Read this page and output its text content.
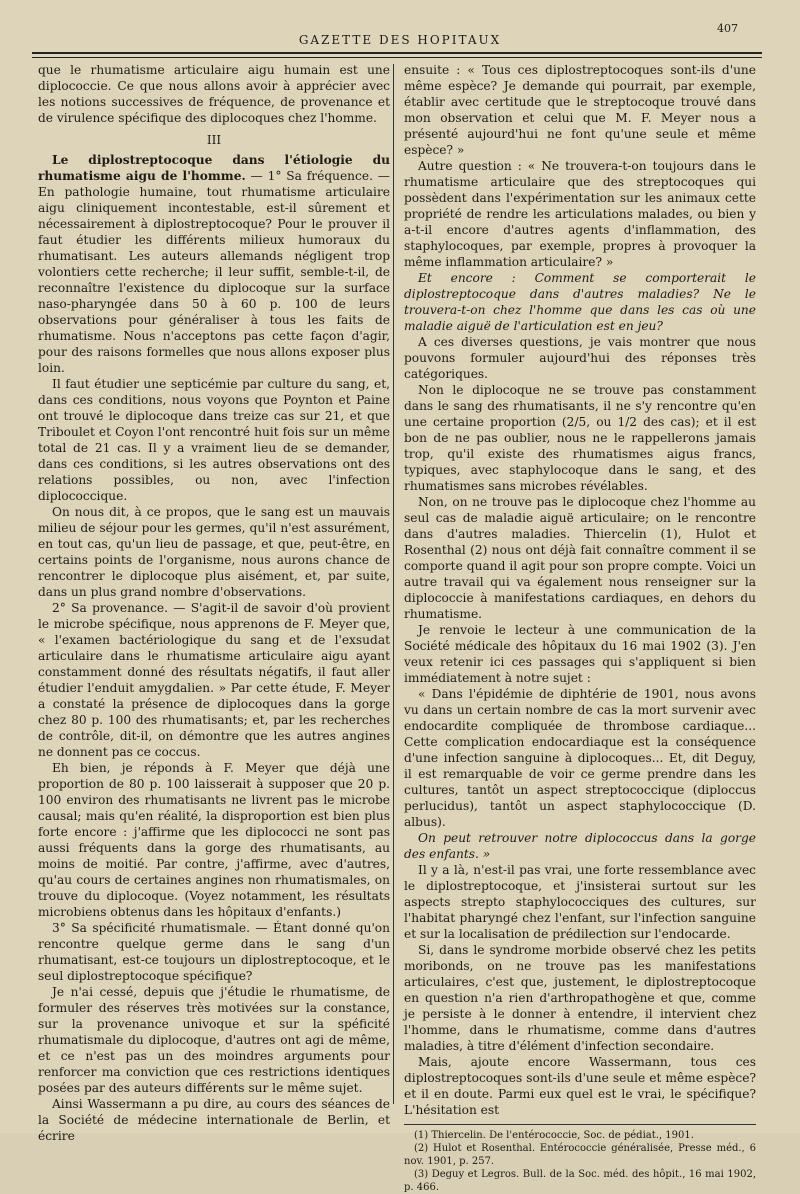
407
GAZETTE DES HOPITAUX

que le rhumatisme articulaire aigu humain est une diplococcie. Ce que nous allons avoir à apprécier avec les notions successives de fréquence, de provenance et de virulence spécifique des diplocoques chez l'homme.

III

Le diplostreptocoque dans l'étiologie du rhumatisme aigu de l'homme. — 1° Sa fréquence. — En pathologie humaine, tout rhumatisme articulaire aigu cliniquement incontestable, est-il sûrement et nécessairement à diplostreptocoque? Pour le prouver il faut étudier les différents milieux humoraux du rhumatisant. Les auteurs allemands négligent trop volontiers cette recherche; il leur suffit, semble-t-il, de reconnaître l'existence du diplocoque sur la surface naso-pharyngée dans 50 à 60 p. 100 de leurs observations pour généraliser à tous les faits de rhumatisme. Nous n'acceptons pas cette façon d'agir, pour des raisons formelles que nous allons exposer plus loin.

Il faut étudier une septicémie par culture du sang, et, dans ces conditions, nous voyons que Poynton et Paine ont trouvé le diplocoque dans treize cas sur 21, et que Triboulet et Coyon l'ont rencontré huit fois sur un même total de 21 cas. Il y a vraiment lieu de se demander, dans ces conditions, si les autres observations ont des relations possibles, ou non, avec l'infection diplococcique.

On nous dit, à ce propos, que le sang est un mauvais milieu de séjour pour les germes, qu'il n'est assurément, en tout cas, qu'un lieu de passage, et que, peut-être, en certains points de l'organisme, nous aurons chance de rencontrer le diplocoque plus aisément, et, par suite, dans un plus grand nombre d'observations.

2° Sa provenance. — S'agit-il de savoir d'où provient le microbe spécifique, nous apprenons de F. Meyer que, « l'examen bactériologique du sang et de l'exsudat articulaire dans le rhumatisme articulaire aigu ayant constamment donné des résultats négatifs, il faut aller étudier l'enduit amygdalien. » Par cette étude, F. Meyer a constaté la présence de diplocoques dans la gorge chez 80 p. 100 des rhumatisants; et, par les recherches de contrôle, dit-il, on démontre que les autres angines ne donnent pas ce coccus.

Eh bien, je réponds à F. Meyer que déjà une proportion de 80 p. 100 laisserait à supposer que 20 p. 100 environ des rhumatisants ne livrent pas le microbe causal; mais qu'en réalité, la disproportion est bien plus forte encore : j'affirme que les diplococci ne sont pas aussi fréquents dans la gorge des rhumatisants, au moins de moitié. Par contre, j'affirme, avec d'autres, qu'au cours de certaines angines non rhumatismales, on trouve du diplocoque. (Voyez notamment, les résultats microbiens obtenus dans les hôpitaux d'enfants.)

3° Sa spécificité rhumatismale. — Étant donné qu'on rencontre quelque germe dans le sang d'un rhumatisant, est-ce toujours un diplostreptocoque, et le seul diplostreptocoque spécifique?

Je n'ai cessé, depuis que j'étudie le rhumatisme, de formuler des réserves très motivées sur la constance, sur la provenance univoque et sur la spéficité rhumatismale du diplocoque, d'autres ont agi de même, et ce n'est pas un des moindres arguments pour renforcer ma conviction que ces restrictions identiques posées par des auteurs différents sur le même sujet.

Ainsi Wassermann a pu dire, au cours des séances de la Société de médecine internationale de Berlin, et écrire

ensuite : « Tous ces diplostreptocoques sont-ils d'une même espèce? Je demande qui pourrait, par exemple, établir avec certitude que le streptocoque trouvé dans mon observation et celui que M. F. Meyer nous a présenté aujourd'hui ne font qu'une seule et même espèce? »

Autre question : « Ne trouvera-t-on toujours dans le rhumatisme articulaire que des streptocoques qui possèdent dans l'expérimentation sur les animaux cette propriété de rendre les articulations malades, ou bien y a-t-il encore d'autres agents d'inflammation, des staphylocoques, par exemple, propres à provoquer la même inflammation articulaire? »

Et encore : Comment se comporterait le diplostreptocoque dans d'autres maladies? Ne le trouvera-t-on chez l'homme que dans les cas où une maladie aiguë de l'articulation est en jeu?

A ces diverses questions, je vais montrer que nous pouvons formuler aujourd'hui des réponses très catégoriques.

Non le diplocoque ne se trouve pas constamment dans le sang des rhumatisants, il ne s'y rencontre qu'en une certaine proportion (2/5, ou 1/2 des cas); et il est bon de ne pas oublier, nous ne le rappellerons jamais trop, qu'il existe des rhumatismes aigus francs, typiques, avec staphylocoque dans le sang, et des rhumatismes sans microbes révélables.

Non, on ne trouve pas le diplocoque chez l'homme au seul cas de maladie aiguë articulaire; on le rencontre dans d'autres maladies. Thiercelin (1), Hulot et Rosenthal (2) nous ont déjà fait connaître comment il se comporte quand il agit pour son propre compte. Voici un autre travail qui va également nous renseigner sur la diplococcie à manifestations cardiaques, en dehors du rhumatisme.

Je renvoie le lecteur à une communication de la Société médicale des hôpitaux du 16 mai 1902 (3). J'en veux retenir ici ces passages qui s'appliquent si bien immédiatement à notre sujet :

« Dans l'épidémie de diphtérie de 1901, nous avons vu dans un certain nombre de cas la mort survenir avec endocardite compliquée de thrombose cardiaque... Cette complication endocardiaque est la conséquence d'une infection sanguine à diplocoques... Et, dit Deguy, il est remarquable de voir ce germe prendre dans les cultures, tantôt un aspect streptococcique (diploccus perlucidus), tantôt un aspect staphylococcique (D. albus).

On peut retrouver notre diplococcus dans la gorge des enfants. »

Il y a là, n'est-il pas vrai, une forte ressemblance avec le diplostreptocoque, et j'insisterai surtout sur les aspects strepto staphylococciques des cultures, sur l'habitat pharyngé chez l'enfant, sur l'infection sanguine et sur la localisation de prédilection sur l'endocarde.

Si, dans le syndrome morbide observé chez les petits moribonds, on ne trouve pas les manifestations articulaires, c'est que, justement, le diplostreptocoque en question n'a rien d'arthropathogène et que, comme je persiste à le donner à entendre, il intervient chez l'homme, dans le rhumatisme, comme dans d'autres maladies, à titre d'élément d'infection secondaire.

Mais, ajoute encore Wassermann, tous ces diplostreptocoques sont-ils d'une seule et même espèce? et il en doute. Parmi eux quel est le vrai, le spécifique? L'hésitation est

(1) Thiercelin. De l'entérococcie, Soc. de pédiat., 1901.

(2) Hulot et Rosenthal. Entérococcie généralisée, Presse méd., 6 nov. 1901, p. 257.

(3) Deguy et Legros. Bull. de la Soc. méd. des hôpit., 16 mai 1902, p. 466.
